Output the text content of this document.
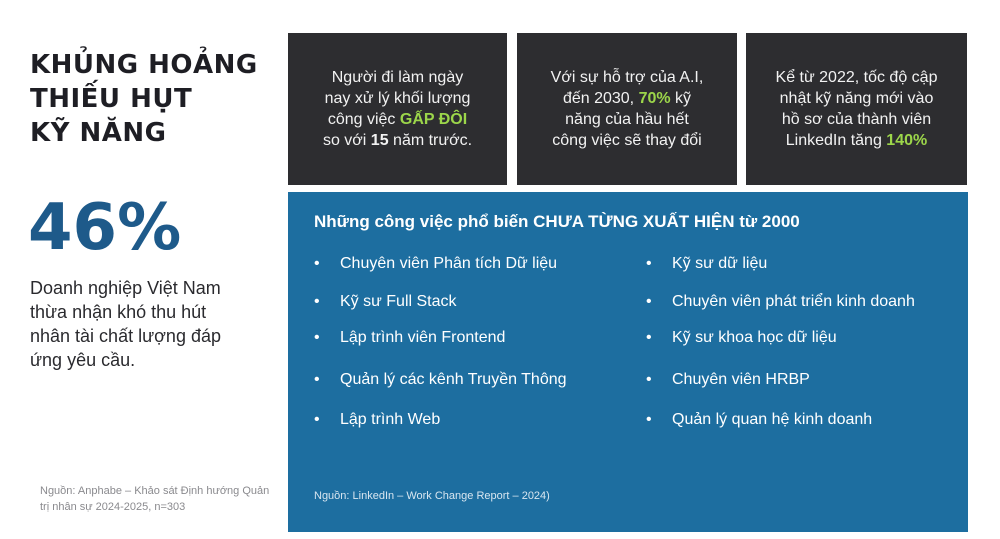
KHỦNG HOẢNG
THIẾU HỤT
KỸ NĂNG
46%
Doanh nghiệp Việt Nam thừa nhận khó thu hút nhân tài chất lượng đáp ứng yêu cầu.
Nguồn: Anphabe – Khảo sát Định hướng Quản trị nhân sự 2024-2025, n=303
Người đi làm ngày
nay xử lý khối lượng
công việc GẤP ĐÔI
so với 15 năm trước.
Với sự hỗ trợ của A.I,
đến 2030, 70% kỹ
năng của hầu hết
công việc sẽ thay đổi
Kể từ 2022, tốc độ cập
nhật kỹ năng mới vào
hồ sơ của thành viên
LinkedIn tăng 140%
Những công việc phổ biến CHƯA TỪNG XUẤT HIỆN từ 2000
• Chuyên viên Phân tích Dữ liệu
• Kỹ sư Full Stack
• Lập trình viên Frontend
• Quản lý các kênh Truyền Thông
• Lập trình Web
• Kỹ sư dữ liệu
• Chuyên viên phát triển kinh doanh
• Kỹ sư khoa học dữ liệu
• Chuyên viên HRBP
• Quản lý quan hệ kinh doanh
Nguồn: LinkedIn – Work Change Report – 2024)
